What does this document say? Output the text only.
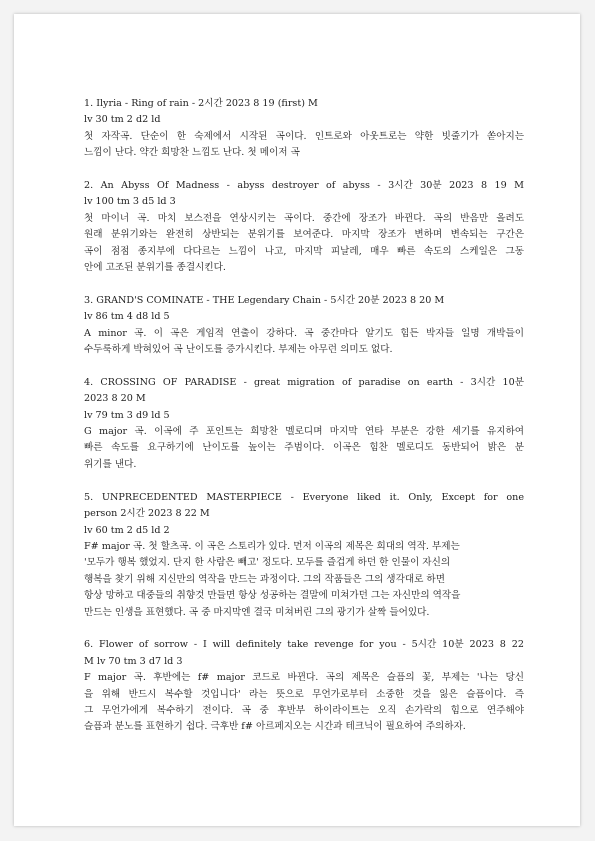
1. Ilyria - Ring of rain - 2시간 2023 8 19 (first) M
lv 30 tm 2 d2 ld
첫 자작곡. 단순이 한 숙제에서 시작된 곡이다. 인트로와 아웃트로는 약한 빗줄기가 쏟아지는
느낌이 난다. 약간 희망찬 느낌도 난다. 첫 메이저 곡
2. An Abyss Of Madness - abyss destroyer of abyss - 3시간 30분 2023 8 19 M
lv 100 tm 3 d5 ld 3
첫 마이너 곡. 마치 보스전을 연상시키는 곡이다. 중간에 장조가 바뀐다. 곡의 반음만 올려도
원래 분위기와는 완전히 상반되는 분위기를 보여준다. 마지막 장조가 변하며 변속되는 구간은
곡이 점점 종지부에 다다르는 느낌이 나고, 마지막 피날레, 매우 빠른 속도의 스케일은 그동
안에 고조된 분위기를 종결시킨다.
3. GRAND'S COMINATE - THE Legendary Chain - 5시간 20분 2023 8 20 M
lv 86 tm 4 d8 ld 5
A minor 곡. 이 곡은 게임적 연출이 강하다. 곡 중간마다 알기도 힘든 박자들 일명 개박들이
수두룩하게 박혀있어 곡 난이도를 증가시킨다. 부제는 아무런 의미도 없다.
4. CROSSING OF PARADISE - great migration of paradise on earth - 3시간 10분
2023 8 20 M
lv 79 tm 3 d9 ld 5
G major 곡. 이곡에 주 포인트는 희망찬 멜로디며 마지막 연타 부분은 강한 세기를 유지하여
빠른 속도를 요구하기에 난이도를 높이는 주범이다. 이곡은 힘찬 멜로디도 동반되어 밝은 분
위기를 낸다.
5. UNPRECEDENTED MASTERPIECE - Everyone liked it. Only, Except for one
person 2시간 2023 8 22 M
lv 60 tm 2 d5 ld 2
F# major 곡. 첫 할츠곡. 이 곡은 스토리가 있다. 먼저 이곡의 제목은 희대의 역작. 부제는
'모두가 행복 했었지. 단지 한 사람은 빼고' 정도다. 모두를 즐겁게 하던 한 인물이 자신의
행복을 찾기 위해 지신만의 역작을 만드는 과정이다. 그의 작품들은 그의 생각대로 하면
항상 망하고 대중들의 취향것 만들면 항상 성공하는 결말에 미쳐가던 그는 자신만의 역작을
만드는 인생을 표현했다. 곡 중 마지막엔 결국 미쳐버린 그의 광기가 살짝 들어있다.
6. Flower of sorrow - I will definitely take revenge for you - 5시간 10분 2023 8 22
M lv 70 tm 3 d7 ld 3
F major 곡. 후반에는 f# major 코드로 바뀐다. 곡의 제목은 슬픔의 꽃, 부제는 '나는 당신
을 위해 반드시 복수할 것입니다' 라는 뜻으로 무언가로부터 소중한 것을 잃은 슬픔이다. 즉
그 무언가에게 복수하기 전이다. 곡 중 후반부 하이라이트는 오직 손가락의 힘으로 연주해야
슬픔과 분노를 표현하기 쉽다. 극후반 f# 아르페지오는 시간과 테크닉이 필요하여 주의하자.
